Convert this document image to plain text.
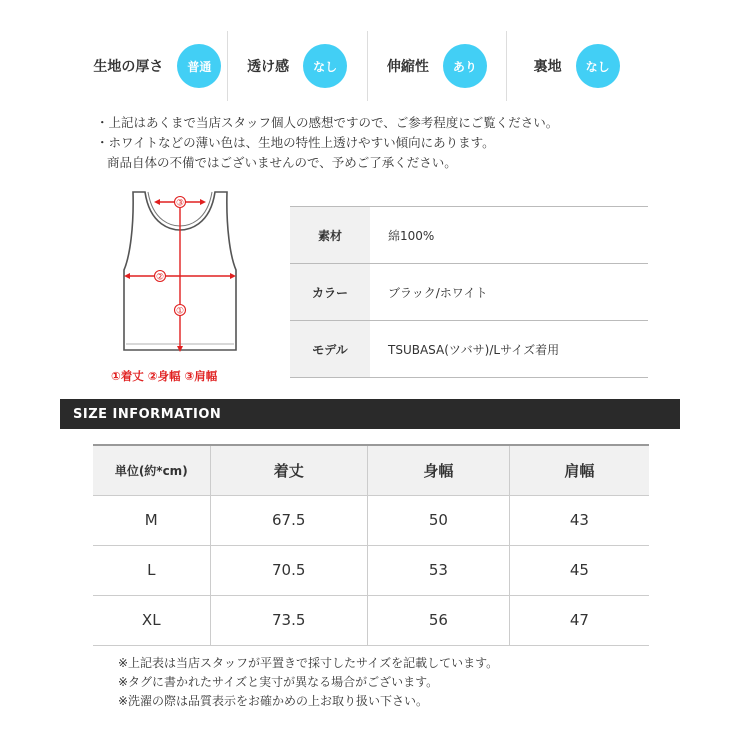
生地の厚さ	普通	透け感	なし	伸縮性	あり	裏地	なし

・上記はあくまで当店スタッフ個人の感想ですので、ご参考程度にご覧ください。

・ホワイトなどの薄い色は、生地の特性上透けやすい傾向にあります。

商品自体の不備ではございませんので、予めご了承ください。

③
②
①
①着丈 ②身幅 ③肩幅
素材	綿100%
カラー	ブラック/ホワイト
モデル	TSUBASA(ツバサ)/Lサイズ着用
SIZE INFORMATION
単位(約*cm)	着丈	身幅	肩幅
M	67.5	50	43
L	70.5	53	45
XL	73.5	56	47

※上記表は当店スタッフが平置きで採寸したサイズを記載しています。

※タグに書かれたサイズと実寸が異なる場合がございます。

※洗濯の際は品質表示をお確かめの上お取り扱い下さい。
